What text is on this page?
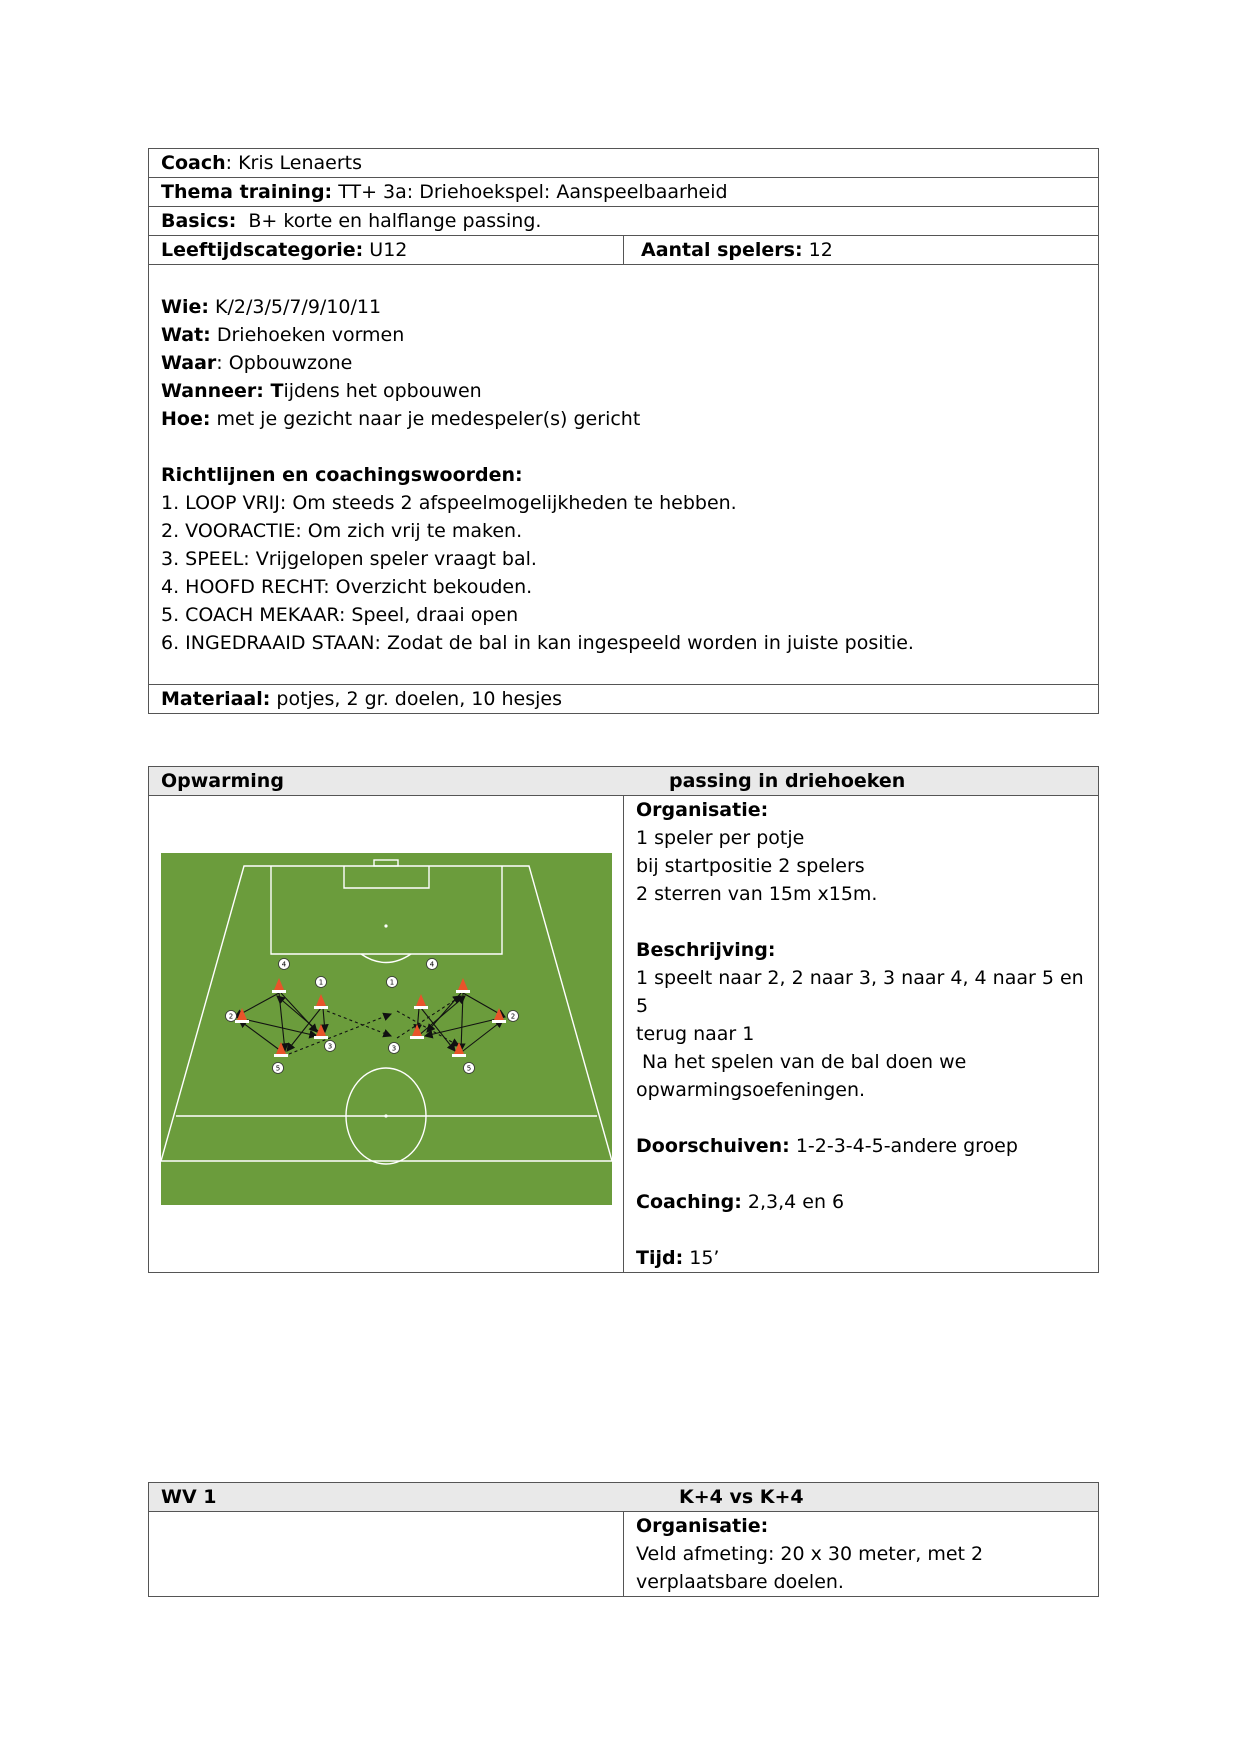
Coach: Kris Lenaerts
Thema training: TT+ 3a: Driehoekspel: Aanspeelbaarheid
Basics: B+ korte en halflange passing.
Leeftijdscategorie: U12	Aantal spelers: 12

Wie: K/2/3/5/7/9/10/11
Wat: Driehoeken vormen
Waar: Opbouwzone
Wanneer: Tijdens het opbouwen
Hoe: met je gezicht naar je medespeler(s) gericht
Richtlijnen en coachingswoorden:
1. LOOP VRIJ: Om steeds 2 afspeelmogelijkheden te hebben.
2. VOORACTIE: Om zich vrij te maken.
3. SPEEL: Vrijgelopen speler vraagt bal.
4. HOOFD RECHT: Overzicht bekouden.
5. COACH MEKAAR: Speel, draai open
6. INGEDRAAID STAAN: Zodat de bal in kan ingespeeld worden in juiste positie.

Materiaal: potjes, 2 gr. doelen, 10 hesjes
Opwarming	passing in driehoeken

4
1
2
3
5
4
1
2
3
5

Organisatie:
1 speler per potje
bij startpositie 2 spelers
2 sterren van 15m x15m.
Beschrijving:
1 speelt naar 2, 2 naar 3, 3 naar 4, 4 naar 5 en 5
terug naar 1
Na het spelen van de bal doen we
opwarmingsoefeningen.
Doorschuiven: 1-2-3-4-5-andere groep
Coaching: 2,3,4 en 6
Tijd: 15’
WV 1	K+4 vs K+4

Organisatie:
Veld afmeting: 20 x 30 meter, met 2
verplaatsbare doelen.
